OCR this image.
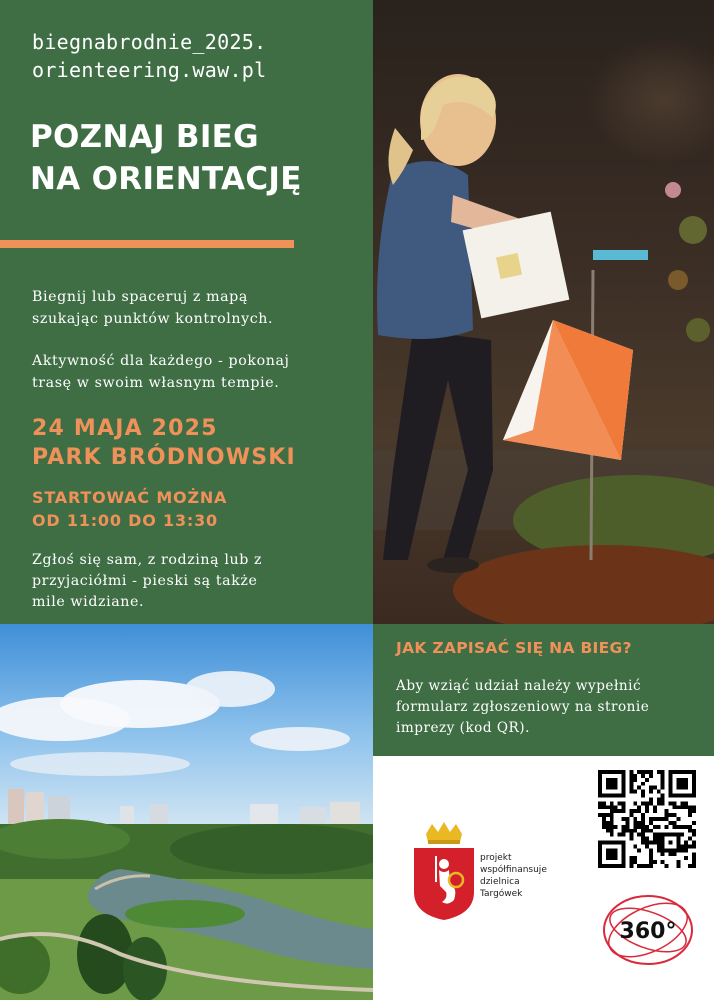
biegnabrodnie_2025.
orienteering.waw.pl
POZNAJ BIEG
NA ORIENTACJĘ
Biegnij lub spaceruj z mapą
szukając punktów kontrolnych.
Aktywność dla każdego - pokonaj
trasę w swoim własnym tempie.
24 MAJA 2025
PARK BRÓDNOWSKI
STARTOWAĆ MOŻNA
OD 11:00 DO 13:30
Zgłoś się sam, z rodziną lub z
przyjaciółmi - pieski są także
mile widziane.
JAK ZAPISAĆ SIĘ NA BIEG?
Aby wziąć udział należy wypełnić
formularz zgłoszeniowy na stronie
imprezy (kod QR).
projekt
współfinansuje
dzielnica
Targówek
360°
